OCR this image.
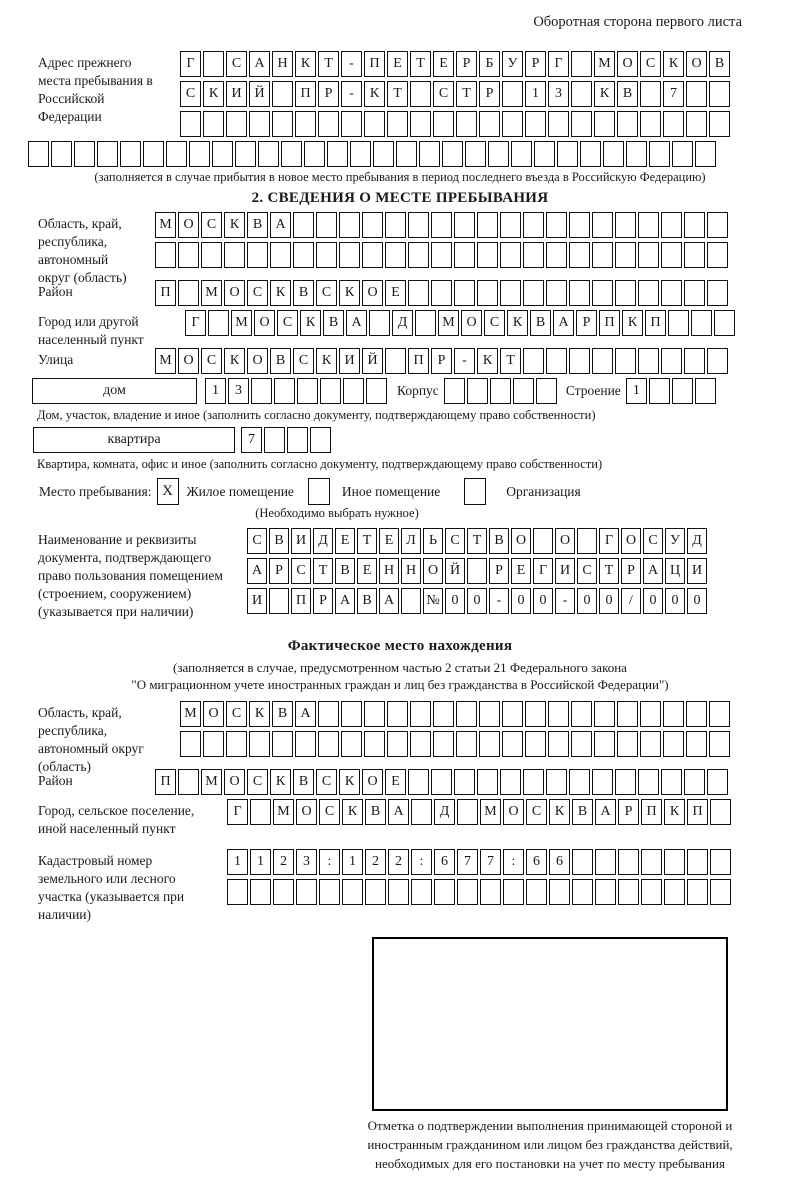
Оборотная сторона первого листа
Адрес прежнего места пребывания в Российской Федерации
Г	С А Н К	Т	-	П Е	Т	Е	Р	Б	У	Р	Г	М О С К О В
С К И Й	П	Р	-	К	Т	С	Т	Р	1	3	К В	7
(заполняется в случае прибытия в новое место пребывания в период последнего въезда в Российскую Федерацию)
2. СВЕДЕНИЯ О МЕСТЕ ПРЕБЫВАНИЯ
Область, край, республика, автономный округ (область)
М О С К В А
Район	П	М О С К В С К О Е
Город или другой населенный пункт
Г	М О С К В А	Д	М О С К В А	Р	П К П
Улица	М О С К О В С К И Й	П	Р	-	К	Т
дом	1	3	Корпус	Строение 1
Дом, участок, владение и иное (заполнить согласно документу, подтверждающему право собственности)
квартира	7
Квартира, комната, офис и иное (заполнить согласно документу, подтверждающему право собственности)
Место пребывания: X	Жилое помещение	Иное помещение	Организация
(Необходимо выбрать нужное)
Наименование и реквизиты документа, подтверждающего право пользования помещением (строением, сооружением) (указывается при наличии)
С В И Д Е Т Е Л Ь С Т В О	О	Г О С У Д
А Р С Т В Е Н Н О Й	Р Е Г И С Т Р А Ц И
И	П Р А В А	№ 0	0	-	0	0	-	0	0	/	0	0	0
Фактическое место нахождения
(заполняется в случае, предусмотренном частью 2 статьи 21 Федерального закона
"О миграционном учете иностранных граждан и лиц без гражданства в Российской Федерации")
Область, край, республика, автономный округ (область)
М О С К В А
Район	П	М О С К В С К О Е
Город, сельское поселение, иной населенный пункт
Г	М О С К В А	Д	М О С К В А	Р	П К П
Кадастровый номер земельного или лесного участка (указывается при наличии)
1	1	2	3	:	1	2	2	:	6	7	7	:	6	6
Отметка о подтверждении выполнения принимающей стороной и иностранным гражданином или лицом без гражданства действий, необходимых для его постановки на учет по месту пребывания
